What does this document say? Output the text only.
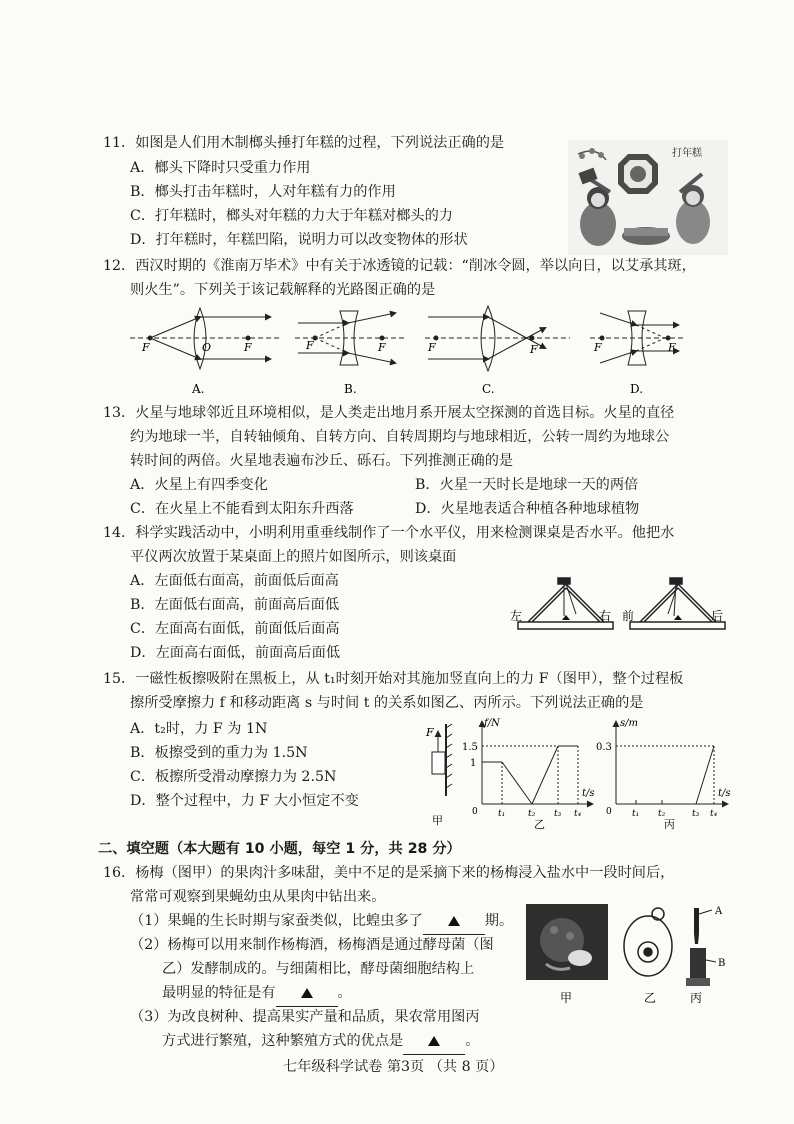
11．如图是人们用木制榔头捶打年糕的过程，下列说法正确的是
A．榔头下降时只受重力作用
B．榔头打击年糕时，人对年糕有力的作用
C．打年糕时，榔头对年糕的力大于年糕对榔头的力
D．打年糕时，年糕凹陷，说明力可以改变物体的形状
打年糕
12．西汉时期的《淮南万毕术》中有关于冰透镜的记载：“削冰令圆，举以向日，以艾承其斑，
则火生”。下列关于该记载解释的光路图正确的是
F	O	F
A.
F	F
B.
F	F
C.
F	F
D.
13．火星与地球邻近且环境相似，是人类走出地月系开展太空探测的首选目标。火星的直径
约为地球一半，自转轴倾角、自转方向、自转周期均与地球相近，公转一周约为地球公
转时间的两倍。火星地表遍布沙丘、砾石。下列推测正确的是
A．火星上有四季变化	B．火星一天时长是地球一天的两倍
C．在火星上不能看到太阳东升西落	D．火星地表适合种植各种地球植物
14．科学实践活动中，小明利用重垂线制作了一个水平仪，用来检测课桌是否水平。他把水
平仪两次放置于某桌面上的照片如图所示，则该桌面
A．左面低右面高，前面低后面高
B．左面低右面高，前面高后面低
C．左面高右面低，前面低后面高
D．左面高右面低，前面高后面低
左	右 前	后
15．一磁性板擦吸附在黑板上，从 t₁时刻开始对其施加竖直向上的力 F（图甲），整个过程板
擦所受摩擦力 f 和移动距离 s 与时间 t 的关系如图乙、丙所示。下列说法正确的是
A．t₂时，力 F 为 1N
B．板擦受到的重力为 1.5N
C．板擦所受滑动摩擦力为 2.5N
D．整个过程中，力 F 大小恒定不变
F
甲
f/N
1.5
1
0
t/s
t₁	t₂ t₃ t₄
乙
s/m
0.3
0
t/s
t₁ t₂	t₃ t₄
丙
二、填空题（本大题有 10 小题，每空 1 分，共 28 分）
16．杨梅（图甲）的果肉汁多味甜，美中不足的是采摘下来的杨梅浸入盐水中一段时间后，
常常可观察到果蝇幼虫从果肉中钻出来。
（1）果蝇的生长时期与家蚕类似，比蝗虫多了	期。
（2）杨梅可以用来制作杨梅酒，杨梅酒是通过酵母菌（图
乙）发酵制成的。与细菌相比，酵母菌细胞结构上
最明显的特征是有	。
（3）为改良树种、提高果实产量和品质，果农常用图丙
方式进行繁殖，这种繁殖方式的优点是	。
甲	乙
A
B
丙
七年级科学试卷 第3页 （共 8 页）
